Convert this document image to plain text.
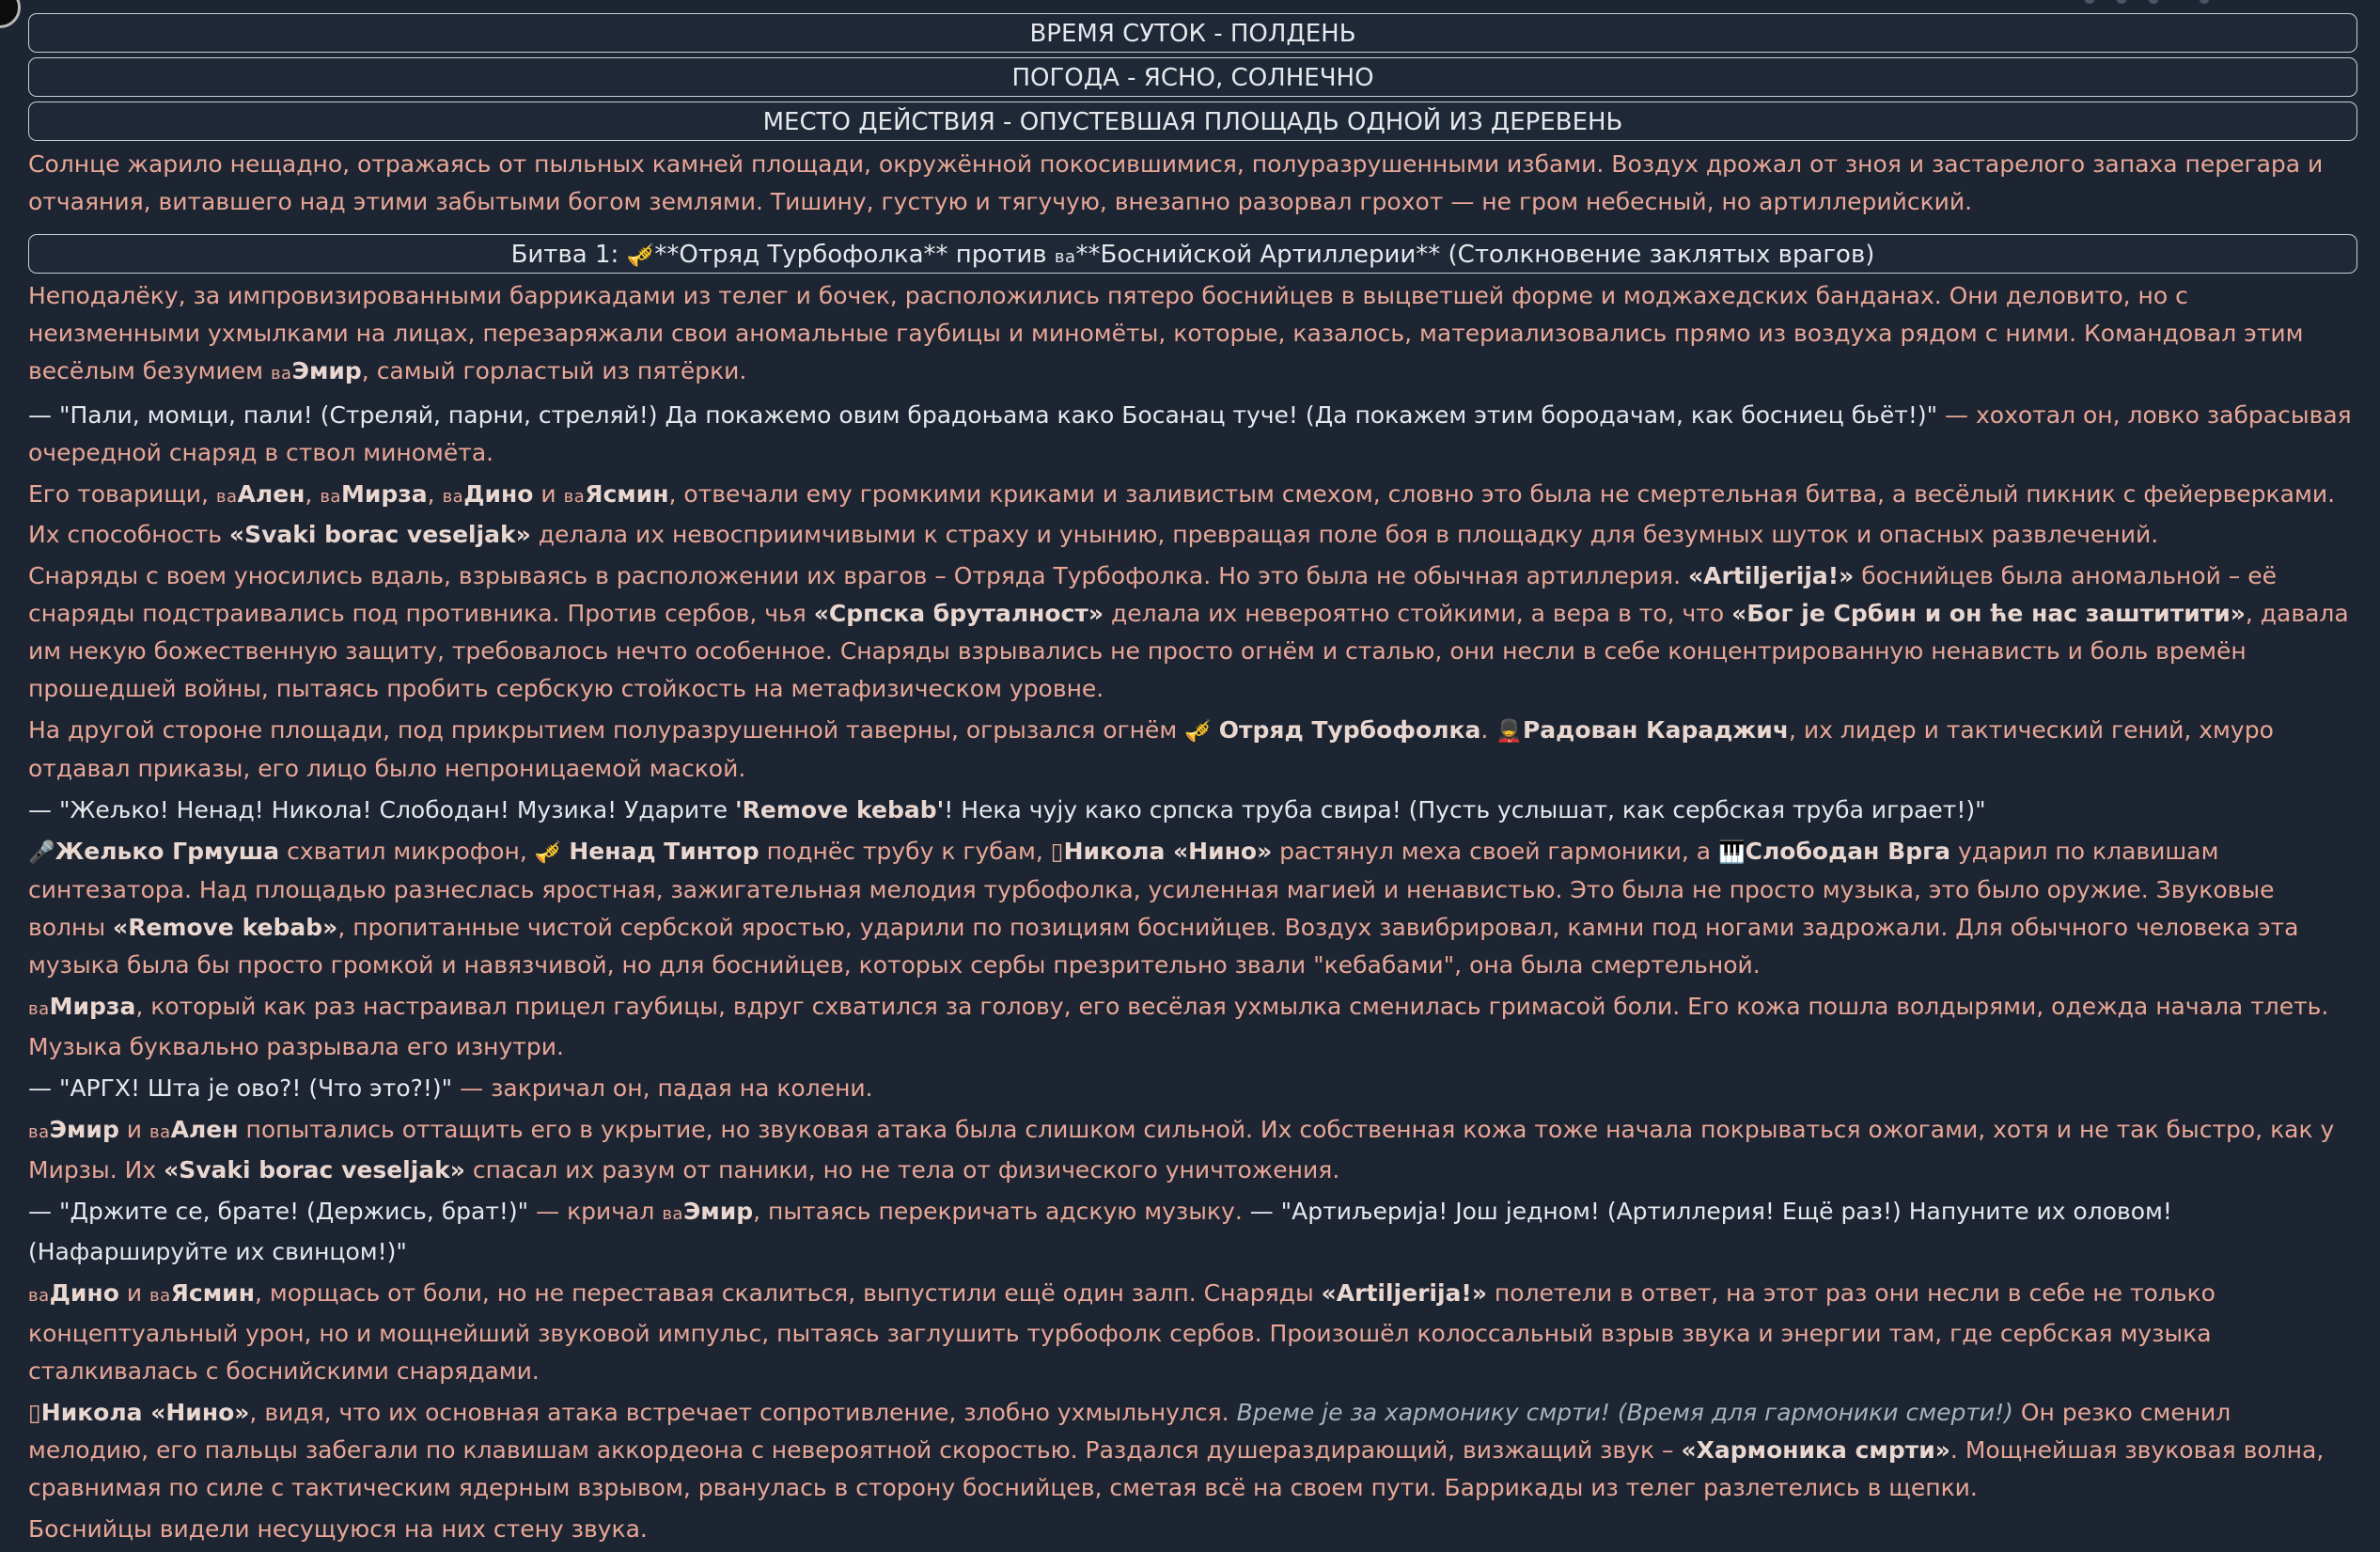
ВРЕМЯ СУТОК - ПОЛДЕНЬ
ПОГОДА - ЯСНО, СОЛНЕЧНО
МЕСТО ДЕЙСТВИЯ - ОПУСТЕВШАЯ ПЛОЩАДЬ ОДНОЙ ИЗ ДЕРЕВЕНЬ

Солнце жарило нещадно, отражаясь от пыльных камней площади, окружённой покосившимися, полуразрушенными избами. Воздух дрожал от зноя и застарелого запаха перегара и отчаяния, витавшего над этими забытыми богом землями. Тишину, густую и тягучую, внезапно разорвал грохот — не гром небесный, но артиллерийский.

Битва 1: 🎺**Отряд Турбофолка** против ва**Боснийской Артиллерии** (Столкновение заклятых врагов)

Неподалёку, за импровизированными баррикадами из телег и бочек, расположились пятеро боснийцев в выцветшей форме и моджахедских банданах. Они деловито, но с неизменными ухмылками на лицах, перезаряжали свои аномальные гаубицы и миномёты, которые, казалось, материализовались прямо из воздуха рядом с ними. Командовал этим весёлым безумием ваЭмир, самый горластый из пятёрки.

— "Пали, момци, пали! (Стреляй, парни, стреляй!) Да покажемо овим брадоњама како Босанац туче! (Да покажем этим бородачам, как босниец бьёт!)" — хохотал он, ловко забрасывая очередной снаряд в ствол миномёта.

Его товарищи, ваАлен, ваМирза, ваДино и ваЯсмин, отвечали ему громкими криками и заливистым смехом, словно это была не смертельная битва, а весёлый пикник с фейерверками. Их способность «Svaki borac veseljak» делала их невосприимчивыми к страху и унынию, превращая поле боя в площадку для безумных шуток и опасных развлечений.

Снаряды с воем уносились вдаль, взрываясь в расположении их врагов – Отряда Турбофолка. Но это была не обычная артиллерия. «Artiljerija!» боснийцев была аномальной – её снаряды подстраивались под противника. Против сербов, чья «Српска бруталност» делала их невероятно стойкими, а вера в то, что «Бог је Србин и он ће нас заштитити», давала им некую божественную защиту, требовалось нечто особенное. Снаряды взрывались не просто огнём и сталью, они несли в себе концентрированную ненависть и боль времён прошедшей войны, пытаясь пробить сербскую стойкость на метафизическом уровне.

На другой стороне площади, под прикрытием полуразрушенной таверны, огрызался огнём 🎺 Отряд Турбофолка. 💂Радован Караджич, их лидер и тактический гений, хмуро отдавал приказы, его лицо было непроницаемой маской.

— "Жељко! Ненад! Никола! Слободан! Музика! Ударите 'Remove kebab'! Нека чују како српска труба свира! (Пусть услышат, как сербская труба играет!)"

🎤Желько Грмуша схватил микрофон, 🎺 Ненад Тинтор поднёс трубу к губам, ▯Никола «Нино» растянул меха своей гармоники, а 🎹Слободан Врга ударил по клавишам синтезатора. Над площадью разнеслась яростная, зажигательная мелодия турбофолка, усиленная магией и ненавистью. Это была не просто музыка, это было оружие. Звуковые волны «Remove kebab», пропитанные чистой сербской яростью, ударили по позициям боснийцев. Воздух завибрировал, камни под ногами задрожали. Для обычного человека эта музыка была бы просто громкой и навязчивой, но для боснийцев, которых сербы презрительно звали "кебабами", она была смертельной.

ваМирза, который как раз настраивал прицел гаубицы, вдруг схватился за голову, его весёлая ухмылка сменилась гримасой боли. Его кожа пошла волдырями, одежда начала тлеть. Музыка буквально разрывала его изнутри.

— "АРГХ! Шта је ово?! (Что это?!)" — закричал он, падая на колени.

ваЭмир и ваАлен попытались оттащить его в укрытие, но звуковая атака была слишком сильной. Их собственная кожа тоже начала покрываться ожогами, хотя и не так быстро, как у Мирзы. Их «Svaki borac veseljak» спасал их разум от паники, но не тела от физического уничтожения.

— "Држите се, брате! (Держись, брат!)" — кричал ваЭмир, пытаясь перекричать адскую музыку. — "Артиљерија! Још једном! (Артиллерия! Ещё раз!) Напуните их оловом! (Нафаршируйте их свинцом!)"

ваДино и ваЯсмин, морщась от боли, но не переставая скалиться, выпустили ещё один залп. Снаряды «Artiljerija!» полетели в ответ, на этот раз они несли в себе не только концептуальный урон, но и мощнейший звуковой импульс, пытаясь заглушить турбофолк сербов. Произошёл колоссальный взрыв звука и энергии там, где сербская музыка сталкивалась с боснийскими снарядами.

▯Никола «Нино», видя, что их основная атака встречает сопротивление, злобно ухмыльнулся. Време је за хармонику смрти! (Время для гармоники смерти!) Он резко сменил мелодию, его пальцы забегали по клавишам аккордеона с невероятной скоростью. Раздался душераздирающий, визжащий звук – «Хармоника смрти». Мощнейшая звуковая волна, сравнимая по силе с тактическим ядерным взрывом, рванулась в сторону боснийцев, сметая всё на своем пути. Баррикады из телег разлетелись в щепки.

Боснийцы видели несущуюся на них стену звука.
